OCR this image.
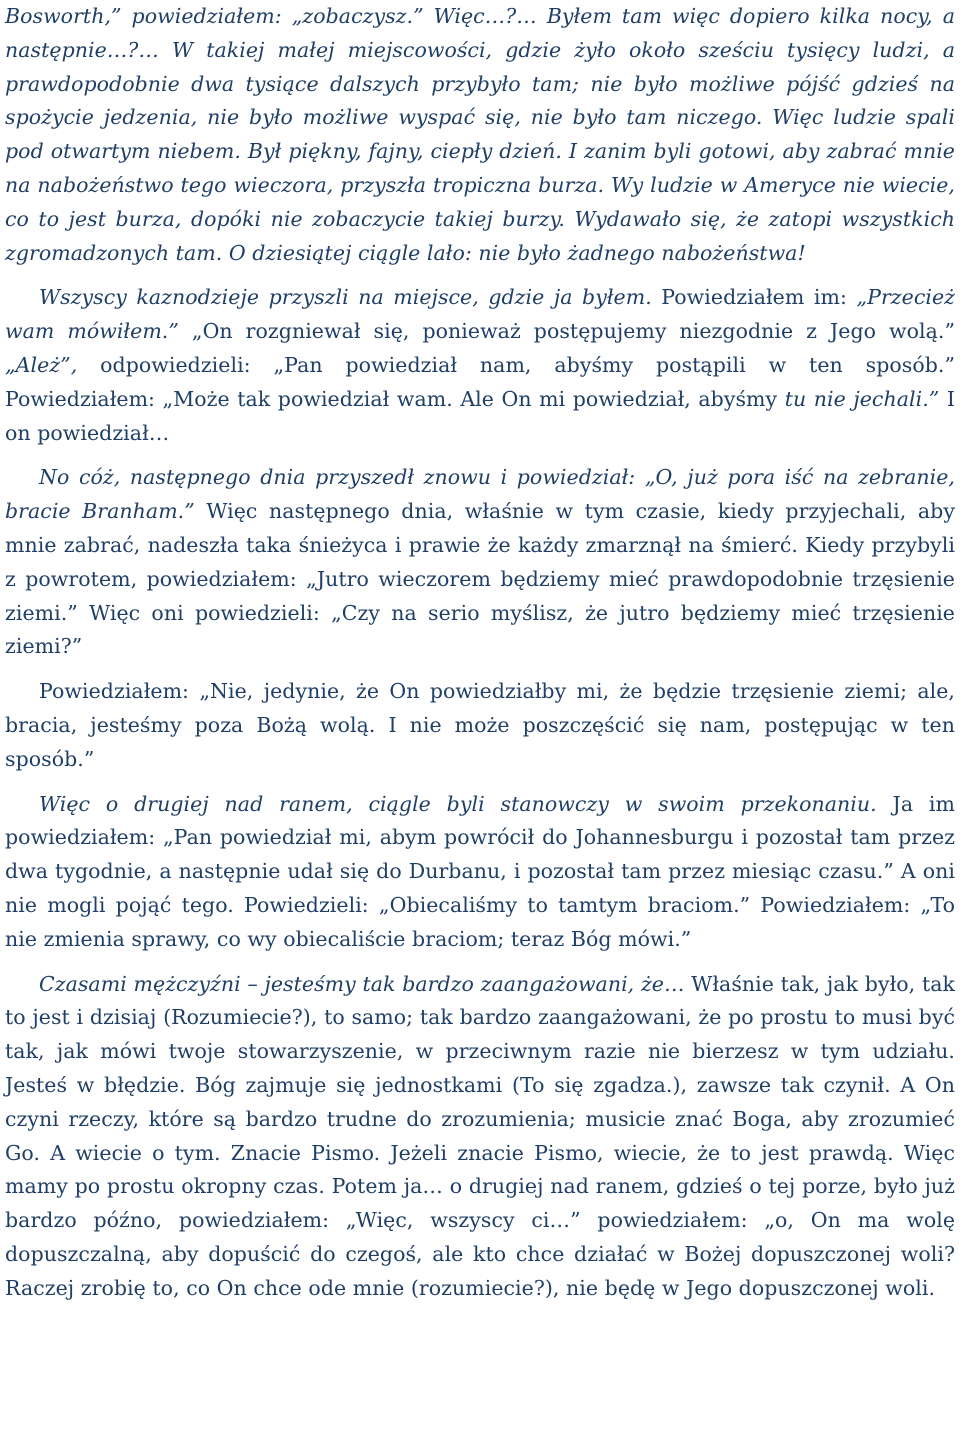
Bosworth,” powiedziałem: „zobaczysz.” Więc…?… Byłem tam więc dopiero kilka nocy, a następnie…?… W takiej małej miejscowości, gdzie żyło około sześciu tysięcy ludzi, a prawdopodobnie dwa tysiące dalszych przybyło tam; nie było możliwe pójść gdzieś na spożycie jedzenia, nie było możliwe wyspać się, nie było tam niczego. Więc ludzie spali pod otwartym niebem. Był piękny, fajny, ciepły dzień. I zanim byli gotowi, aby zabrać mnie na nabożeństwo tego wieczora, przyszła tropiczna burza. Wy ludzie w Ameryce nie wiecie, co to jest burza, dopóki nie zobaczycie takiej burzy. Wydawało się, że zatopi wszystkich zgromadzonych tam. O dziesiątej ciągle lało: nie było żadnego nabożeństwa!

Wszyscy kaznodzieje przyszli na miejsce, gdzie ja byłem. Powiedziałem im: „Przecież wam mówiłem.” „On rozgniewał się, ponieważ postępujemy niezgodnie z Jego wolą.” „Ależ”, odpowiedzieli: „Pan powiedział nam, abyśmy postąpili w ten sposób.” Powiedziałem: „Może tak powiedział wam. Ale On mi powiedział, abyśmy tu nie jechali.” I on powiedział…

No cóż, następnego dnia przyszedł znowu i powiedział: „O, już pora iść na zebranie, bracie Branham.” Więc następnego dnia, właśnie w tym czasie, kiedy przyjechali, aby mnie zabrać, nadeszła taka śnieżyca i prawie że każdy zmarznął na śmierć. Kiedy przybyli z powrotem, powiedziałem: „Jutro wieczorem będziemy mieć prawdopodobnie trzęsienie ziemi.” Więc oni powiedzieli: „Czy na serio myślisz, że jutro będziemy mieć trzęsienie ziemi?”

Powiedziałem: „Nie, jedynie, że On powiedziałby mi, że będzie trzęsienie ziemi; ale, bracia, jesteśmy poza Bożą wolą. I nie może poszczęścić się nam, postępując w ten sposób.”

Więc o drugiej nad ranem, ciągle byli stanowczy w swoim przekonaniu. Ja im powiedziałem: „Pan powiedział mi, abym powrócił do Johannesburgu i pozostał tam przez dwa tygodnie, a następnie udał się do Durbanu, i pozostał tam przez miesiąc czasu.” A oni nie mogli pojąć tego. Powiedzieli: „Obiecaliśmy to tamtym braciom.” Powiedziałem: „To nie zmienia sprawy, co wy obiecaliście braciom; teraz Bóg mówi.”

Czasami mężczyźni – jesteśmy tak bardzo zaangażowani, że… Właśnie tak, jak było, tak to jest i dzisiaj (Rozumiecie?), to samo; tak bardzo zaangażowani, że po prostu to musi być tak, jak mówi twoje stowarzyszenie, w przeciwnym razie nie bierzesz w tym udziału. Jesteś w błędzie. Bóg zajmuje się jednostkami (To się zgadza.), zawsze tak czynił. A On czyni rzeczy, które są bardzo trudne do zrozumienia; musicie znać Boga, aby zrozumieć Go. A wiecie o tym. Znacie Pismo. Jeżeli znacie Pismo, wiecie, że to jest prawdą. Więc mamy po prostu okropny czas. Potem ja… o drugiej nad ranem, gdzieś o tej porze, było już bardzo późno, powiedziałem: „Więc, wszyscy ci…” powiedziałem: „o, On ma wolę dopuszczalną, aby dopuścić do czegoś, ale kto chce działać w Bożej dopuszczonej woli? Raczej zrobię to, co On chce ode mnie (rozumiecie?), nie będę w Jego dopuszczonej woli.
